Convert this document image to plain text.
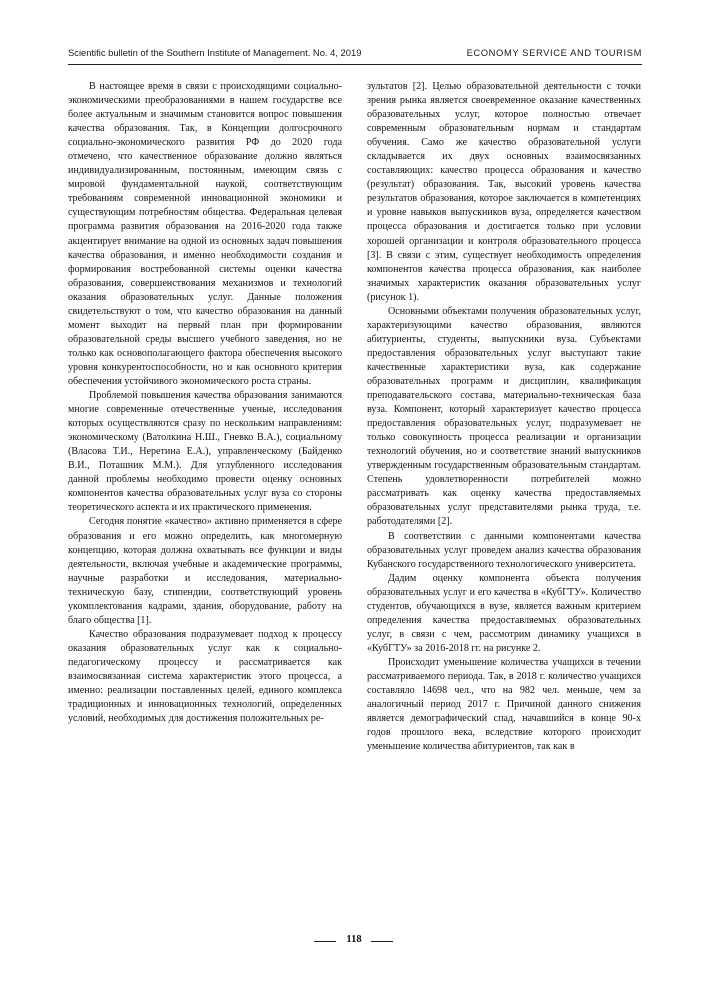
Scientific bulletin of the Southern Institute of Management. No. 4, 2019	ECONOMY SERVICE AND TOURISM

В настоящее время в связи с происходящими социально-экономическими преобразованиями в нашем государстве все более актуальным и значимым становится вопрос повышения качества образования. Так, в Концепции долгосрочного социально-экономического развития РФ до 2020 года отмечено, что качественное образование должно являться индивидуализированным, постоянным, имеющим связь с мировой фундаментальной наукой, соответствующим требованиям современной инновационной экономики и существующим потребностям общества. Федеральная целевая программа развития образования на 2016-2020 года также акцентирует внимание на одной из основных задач повышения качества образования, и именно необходимости создания и формирования востребованной системы оценки качества образования, совершенствования механизмов и технологий оказания образовательных услуг. Данные положения свидетельствуют о том, что качество образования на данный момент выходит на первый план при формировании образовательной среды высшего учебного заведения, но не только как основополагающего фактора обеспечения высокого уровня конкурентоспособности, но и как основного критерия обеспечения устойчивого экономического роста страны.

Проблемой повышения качества образования занимаются многие современные отечественные ученые, исследования которых осуществляются сразу по нескольким направлениям: экономическому (Ватолкина Н.Ш., Гневко В.А.), социальному (Власова Т.И., Неретина Е.А.), управленческому (Байденко В.И., Поташник М.М.). Для углубленного исследования данной проблемы необходимо провести оценку основных компонентов качества образовательных услуг вуза со стороны теоретического аспекта и их практического применения.

Сегодня понятие «качество» активно применяется в сфере образования и его можно определить, как многомерную концепцию, которая должна охватывать все функции и виды деятельности, включая учебные и академические программы, научные разработки и исследования, материально-техническую базу, стипендии, соответствующий уровень укомплектования кадрами, здания, оборудование, работу на благо общества [1].

Качество образования подразумевает подход к процессу оказания образовательных услуг как к социально-педагогическому процессу и рассматривается как взаимосвязанная система характеристик этого процесса, а именно: реализации поставленных целей, единого комплекса традиционных и инновационных технологий, определенных условий, необходимых для достижения положительных ре-

зультатов [2]. Целью образовательной деятельности с точки зрения рынка является своевременное оказание качественных образовательных услуг, которое полностью отвечает современным образовательным нормам и стандартам обучения. Само же качество образовательной услуги складывается их двух основных взаимосвязанных составляющих: качество процесса образования и качество (результат) образования. Так, высокий уровень качества результатов образования, которое заключается в компетенциях и уровне навыков выпускников вуза, определяется качеством процесса образования и достигается только при условии хорошей организации и контроля образовательного процесса [3]. В связи с этим, существует необходимость определения компонентов качества процесса образования, как наиболее значимых характеристик оказания образовательных услуг (рисунок 1).

Основными объектами получения образовательных услуг, характеризующими качество образования, являются абитуриенты, студенты, выпускники вуза. Субъектами предоставления образовательных услуг выступают такие качественные характеристики вуза, как содержание образовательных программ и дисциплин, квалификация преподавательского состава, материально-техническая база вуза. Компонент, который характеризует качество процесса предоставления образовательных услуг, подразумевает не только совокупность процесса реализации и организации технологий обучения, но и соответствие знаний выпускников утвержденным государственным образовательным стандартам. Степень удовлетворенности потребителей можно рассматривать как оценку качества предоставляемых образовательных услуг представителями рынка труда, т.е. работодателями [2].

В соответствии с данными компонентами качества образовательных услуг проведем анализ качества образования Кубанского государственного технологического университета.

Дадим оценку компонента объекта получения образовательных услуг и его качества в «КубГТУ». Количество студентов, обучающихся в вузе, является важным критерием определения качества предоставляемых образовательных услуг, в связи с чем, рассмотрим динамику учащихся в «КубГТУ» за 2016-2018 гг. на рисунке 2.

Происходит уменьшение количества учащихся в течении рассматриваемого периода. Так, в 2018 г. количество учащихся составляло 14698 чел., что на 982 чел. меньше, чем за аналогичный период 2017 г. Причиной данного снижения является демографический спад, начавшийся в конце 90-х годов прошлого века, вследствие которого происходит уменьшение количества абитуриентов, так как в

118
